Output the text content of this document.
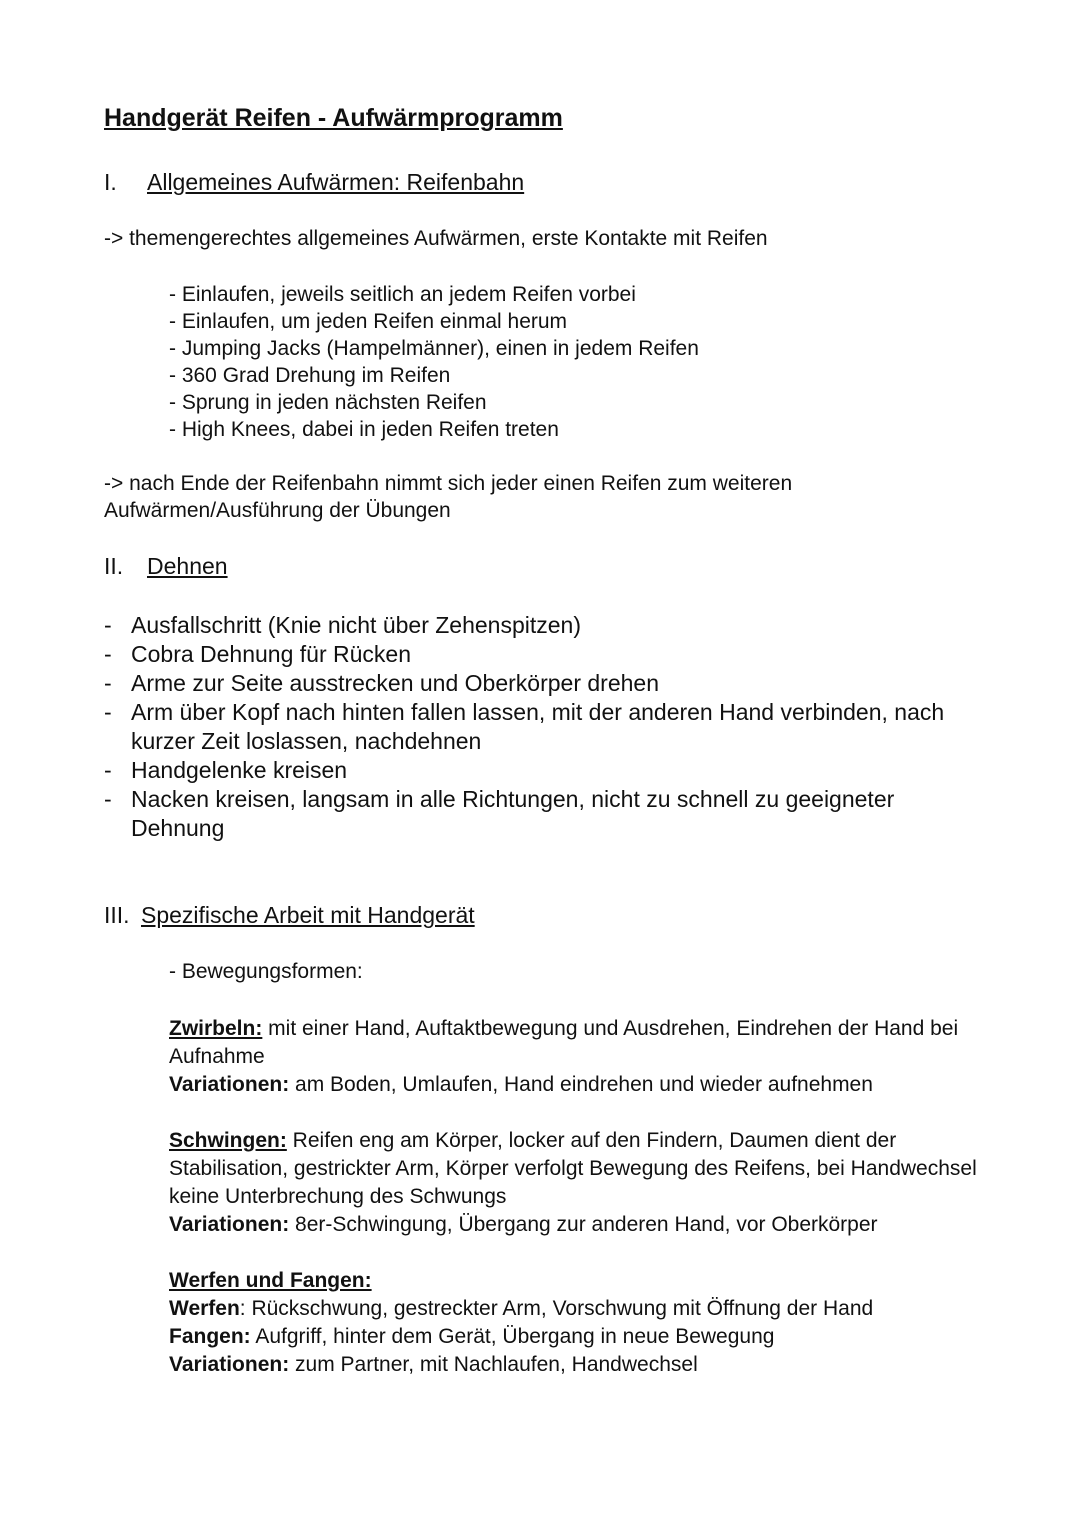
Handgerät Reifen - Aufwärmprogramm
I. Allgemeines Aufwärmen: Reifenbahn
-> themengerechtes allgemeines Aufwärmen, erste Kontakte mit Reifen
- Einlaufen, jeweils seitlich an jedem Reifen vorbei
- Einlaufen, um jeden Reifen einmal herum
- Jumping Jacks (Hampelmänner), einen in jedem Reifen
- 360 Grad Drehung im Reifen
- Sprung in jeden nächsten Reifen
- High Knees, dabei in jeden Reifen treten
-> nach Ende der Reifenbahn nimmt sich jeder einen Reifen zum weiteren
Aufwärmen/Ausführung der Übungen
II. Dehnen
- Ausfallschritt (Knie nicht über Zehenspitzen)
- Cobra Dehnung für Rücken
- Arme zur Seite ausstrecken und Oberkörper drehen
- Arm über Kopf nach hinten fallen lassen, mit der anderen Hand verbinden, nach kurzer Zeit loslassen, nachdehnen
- Handgelenke kreisen
- Nacken kreisen, langsam in alle Richtungen, nicht zu schnell zu geeigneter Dehnung
III. Spezifische Arbeit mit Handgerät
- Bewegungsformen:

Zwirbeln: mit einer Hand, Auftaktbewegung und Ausdrehen, Eindrehen der Hand bei Aufnahme

Variationen: am Boden, Umlaufen, Hand eindrehen und wieder aufnehmen

Schwingen: Reifen eng am Körper, locker auf den Findern, Daumen dient der Stabilisation, gestrickter Arm, Körper verfolgt Bewegung des Reifens, bei Handwechsel keine Unterbrechung des Schwungs

Variationen: 8er-Schwingung, Übergang zur anderen Hand, vor Oberkörper

Werfen und Fangen:

Werfen: Rückschwung, gestreckter Arm, Vorschwung mit Öffnung der Hand

Fangen: Aufgriff, hinter dem Gerät, Übergang in neue Bewegung

Variationen: zum Partner, mit Nachlaufen, Handwechsel
